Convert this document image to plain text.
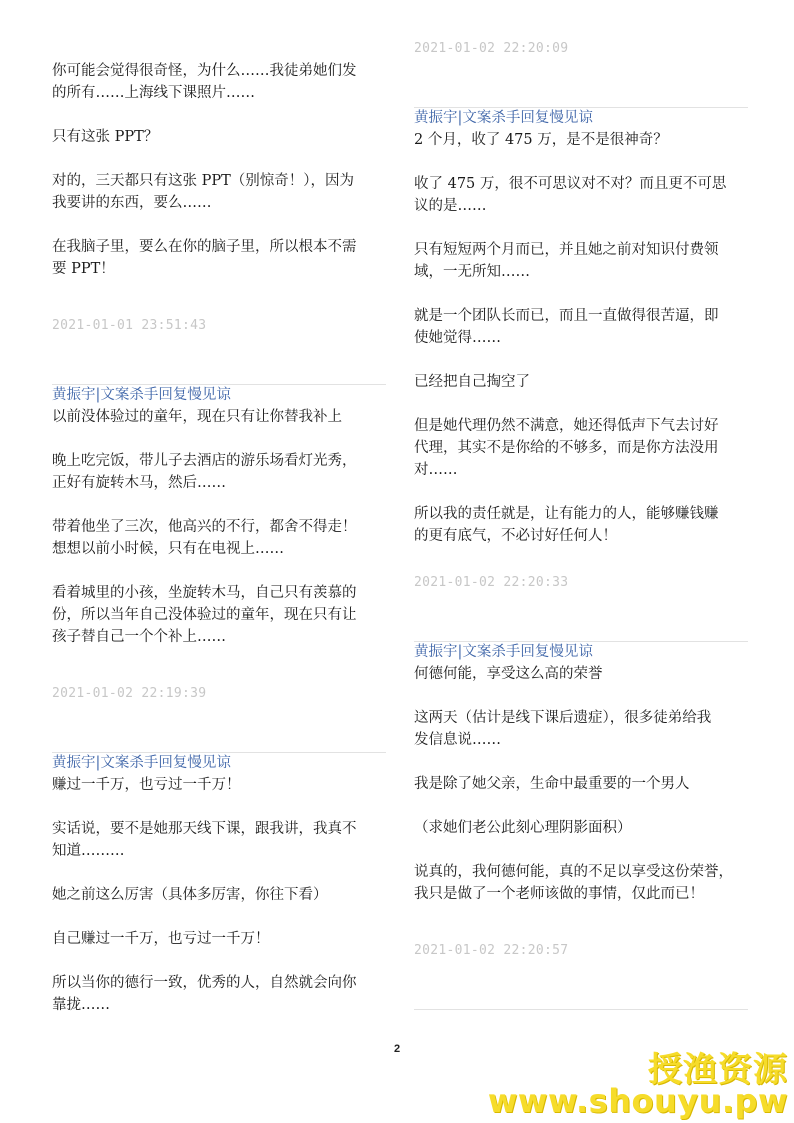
你可能会觉得很奇怪，为什么……我徒弟她们发
的所有……上海线下课照片……

只有这张 PPT？

对的，三天都只有这张 PPT（别惊奇！），因为
我要讲的东西，要么……

在我脑子里，要么在你的脑子里，所以根本不需
要 PPT！
2021-01-01 23:51:43
黄振宇|文案杀手回复慢见谅
以前没体验过的童年，现在只有让你替我补上

晚上吃完饭，带儿子去酒店的游乐场看灯光秀，
正好有旋转木马，然后……

带着他坐了三次，他高兴的不行，都舍不得走！
想想以前小时候，只有在电视上……

看着城里的小孩，坐旋转木马，自己只有羡慕的
份，所以当年自己没体验过的童年，现在只有让
孩子替自己一个个补上……
2021-01-02 22:19:39
黄振宇|文案杀手回复慢见谅
赚过一千万，也亏过一千万！

实话说，要不是她那天线下课，跟我讲，我真不
知道………

她之前这么厉害（具体多厉害，你往下看）

自己赚过一千万，也亏过一千万！

所以当你的德行一致，优秀的人，自然就会向你
靠拢……
2021-01-02 22:20:09
黄振宇|文案杀手回复慢见谅
2 个月，收了 475 万，是不是很神奇？

收了 475 万，很不可思议对不对？而且更不可思
议的是……

只有短短两个月而已，并且她之前对知识付费领
域，一无所知……

就是一个团队长而已，而且一直做得很苦逼，即
使她觉得……

已经把自己掏空了

但是她代理仍然不满意，她还得低声下气去讨好
代理，其实不是你给的不够多，而是你方法没用
对……

所以我的责任就是，让有能力的人，能够赚钱赚
的更有底气，不必讨好任何人！
2021-01-02 22:20:33
黄振宇|文案杀手回复慢见谅
何德何能，享受这么高的荣誉

这两天（估计是线下课后遗症），很多徒弟给我
发信息说……

我是除了她父亲，生命中最重要的一个男人

（求她们老公此刻心理阴影面积）

说真的，我何德何能，真的不足以享受这份荣誉，
我只是做了一个老师该做的事情，仅此而已！
2021-01-02 22:20:57
2
授渔资源
www.shouyu.pw
